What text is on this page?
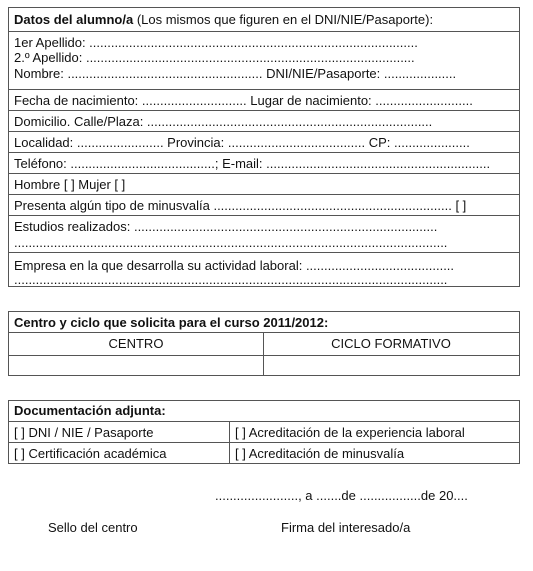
Datos del alumno/a (Los mismos que figuren en el DNI/NIE/Pasaporte):
1er Apellido: ...........................................................................................
2.º Apellido: ...........................................................................................
Nombre: ...................................................... DNI/NIE/Pasaporte: ....................
Fecha de nacimiento: ............................. Lugar de nacimiento: ...........................
Domicilio. Calle/Plaza: ...............................................................................
Localidad: ........................ Provincia: ...................................... CP: .....................
Teléfono: ........................................; E-mail: ..............................................................
Hombre [ ] Mujer [ ]
Presenta algún tipo de minusvalía .................................................................. [ ]
Estudios realizados: ....................................................................................
........................................................................................................................
Empresa en la que desarrolla su actividad laboral: .........................................
........................................................................................................................
Centro y ciclo que solicita para el curso 2011/2012:
CENTRO	CICLO FORMATIVO
Documentación adjunta:
[ ] DNI / NIE / Pasaporte	[ ] Acreditación de la experiencia laboral
[ ] Certificación académica	[ ] Acreditación de minusvalía
......................., a .......de .................de 20....
Sello del centro	Firma del interesado/a
